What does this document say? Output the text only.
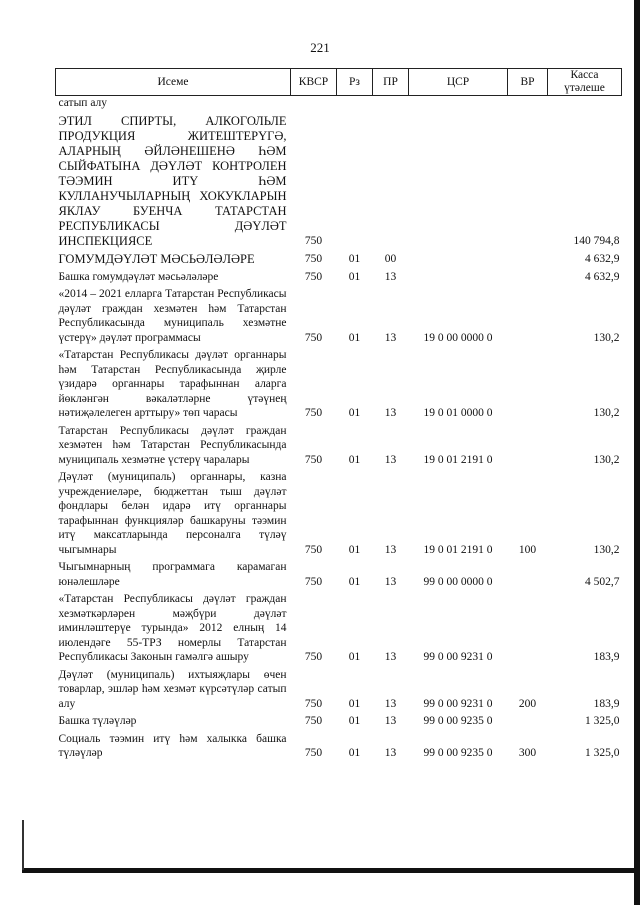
221
Исеме	КВСР	Рз	ПР	ЦСР	ВР	Касса үтәлеше
сатып алу						
ЭТИЛ СПИРТЫ, АЛКОГОЛЬЛЕ ПРОДУКЦИЯ ЖИТЕШТЕРҮГӘ, АЛАРНЫҢ ӘЙЛӘНЕШЕНӘ ҺӘМ СЫЙФАТЫНА ДӘҮЛӘТ КОНТРОЛЕН ТӘЭМИН ИТҮ ҺӘМ КУЛЛАНУЧЫЛАРНЫҢ ХОКУКЛАРЫН ЯКЛАУ БУЕНЧА ТАТАРСТАН РЕСПУБЛИКАСЫ ДӘҮЛӘТ ИНСПЕКЦИЯСЕ	750					140 794,8
ГОМУМДӘҮЛӘТ МӘСЬӘЛӘЛӘРЕ	750	01	00			4 632,9
Башка гомумдәүләт мәсьәләләре	750	01	13			4 632,9
«2014 – 2021 елларга Татарстан Республикасы дәүләт граждан хезмәтен һәм Татарстан Республикасында муниципаль хезмәтне үстерү» дәүләт программасы	750	01	13	19 0 00 0000 0		130,2
«Татарстан Республикасы дәүләт органнары һәм Татарстан Республикасында җирле үзидарә органнары тарафыннан аларга йөкләнгән вәкаләтләрне үтәүнең нәтиҗәлелеген арттыру» төп чарасы	750	01	13	19 0 01 0000 0		130,2
Татарстан Республикасы дәүләт граждан хезмәтен һәм Татарстан Республикасында муниципаль хезмәтне үстерү чаралары	750	01	13	19 0 01 2191 0		130,2
Дәүләт (муниципаль) органнары, казна учреждениеләре, бюджеттан тыш дәүләт фондлары белән идарә итү органнары тарафыннан функцияләр башкаруны тәэмин итү максатларында персоналга түләү чыгымнары	750	01	13	19 0 01 2191 0	100	130,2
Чыгымнарның программага карамаган юнәлешләре	750	01	13	99 0 00 0000 0		4 502,7
«Татарстан Республикасы дәүләт граждан хезмәткәрләрен мәҗбүри дәүләт иминләштерүе турында» 2012 елның 14 июлендәге 55-ТРЗ номерлы Татарстан Республикасы Законын гамәлгә ашыру	750	01	13	99 0 00 9231 0		183,9
Дәүләт (муниципаль) ихтыяҗлары өчен товарлар, эшләр һәм хезмәт күрсәтүләр сатып алу	750	01	13	99 0 00 9231 0	200	183,9
Башка түләүләр	750	01	13	99 0 00 9235 0		1 325,0
Социаль тәэмин итү һәм халыкка башка түләүләр	750	01	13	99 0 00 9235 0	300	1 325,0
